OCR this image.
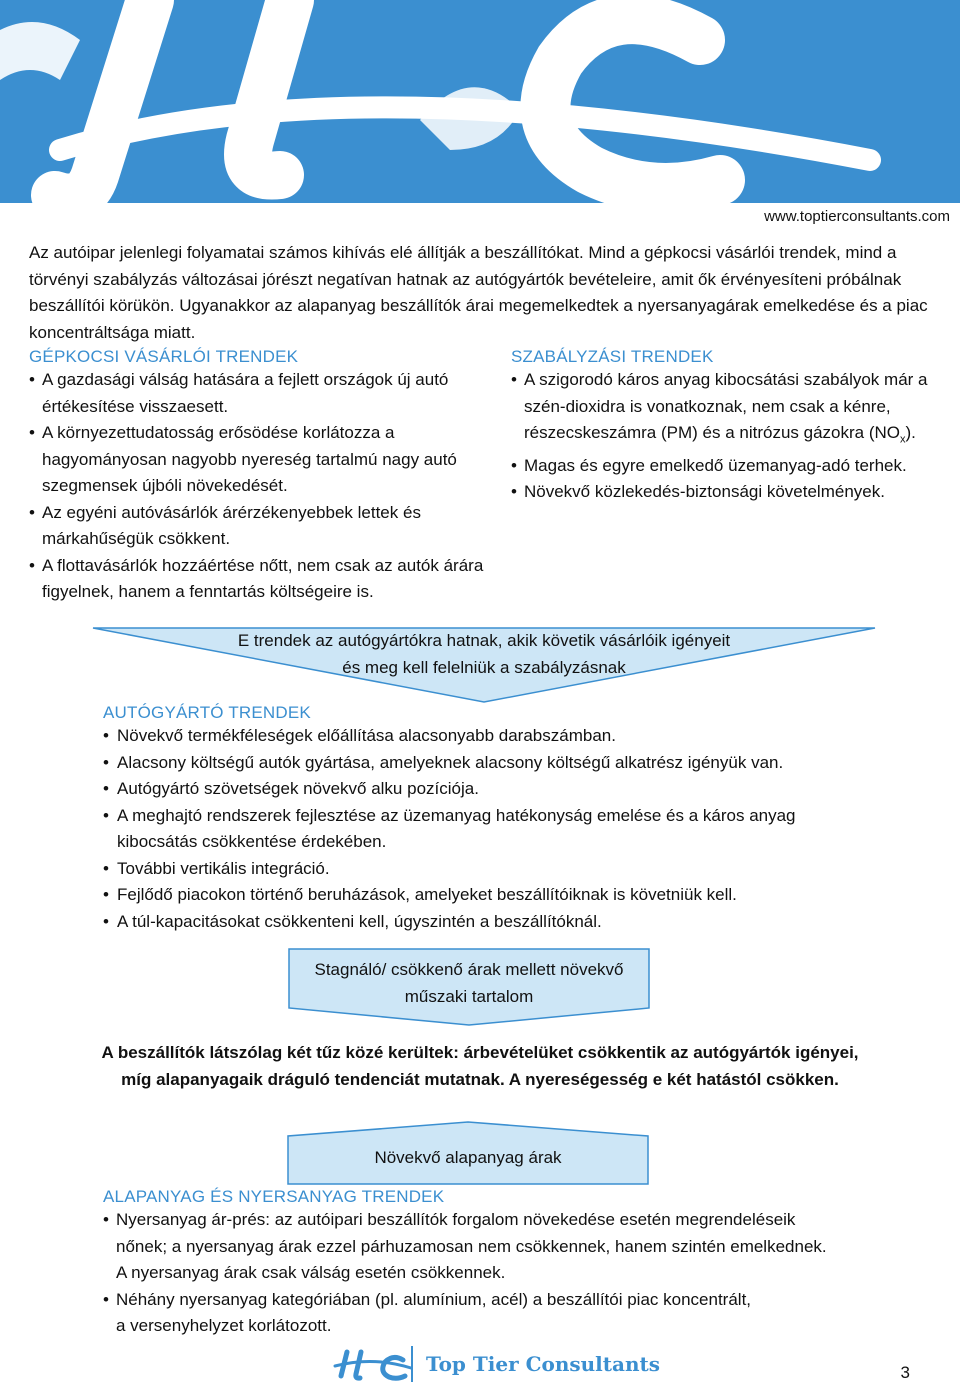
www.toptierconsultants.com
Az autóipar jelenlegi folyamatai számos kihívás elé állítják a beszállítókat. Mind a gépkocsi vásárlói trendek, mind a törvényi szabályzás változásai jórészt negatívan hatnak az autógyártók bevételeire, amit ők érvényesíteni próbálnak beszállítói körükön. Ugyanakkor az alapanyag beszállítók árai megemelkedtek a nyersanyagárak emelkedése és a piac koncentráltsága miatt.
GÉPKOCSI VÁSÁRLÓI TRENDEK
• A gazdasági válság hatására a fejlett országok új autó értékesítése visszaesett.
• A környezettudatosság erősödése korlátozza a hagyományosan nagyobb nyereség tartalmú nagy autó szegmensek újbóli növekedését.
• Az egyéni autóvásárlók árérzékenyebbek lettek és márkahűségük csökkent.
• A flottavásárlók hozzáértése nőtt, nem csak az autók árára figyelnek, hanem a fenntartás költségeire is.
SZABÁLYZÁSI TRENDEK
• A szigorodó káros anyag kibocsátási szabályok már a szén-dioxidra is vonatkoznak, nem csak a kénre, részecskeszámra (PM) és a nitrózus gázokra $(NO_x)$.
• Magas és egyre emelkedő üzemanyag-adó terhek.
• Növekvő közlekedés-biztonsági követelmények.
E trendek az autógyártókra hatnak, akik követik vásárlóik igényeit
és meg kell felelniük a szabályzásnak
AUTÓGYÁRTÓ TRENDEK
• Növekvő termékféleségek előállítása alacsonyabb darabszámban.
• Alacsony költségű autók gyártása, amelyeknek alacsony költségű alkatrész igényük van.
• Autógyártó szövetségek növekvő alku pozíciója.
• A meghajtó rendszerek fejlesztése az üzemanyag hatékonyság emelése és a káros anyag kibocsátás csökkentése érdekében.
• További vertikális integráció.
• Fejlődő piacokon történő beruházások, amelyeket beszállítóiknak is követniük kell.
• A túl-kapacitásokat csökkenteni kell, úgyszintén a beszállítóknál.
Stagnáló/ csökkenő árak mellett növekvő
műszaki tartalom
A beszállítók látszólag két tűz közé kerültek: árbevételüket csökkentik az autógyártók igényei,
míg alapanyagaik dráguló tendenciát mutatnak. A nyereségesség e két hatástól csökken.
Növekvő alapanyag árak
ALAPANYAG ÉS NYERSANYAG TRENDEK
• Nyersanyag ár-prés: az autóipari beszállítók forgalom növekedése esetén megrendeléseik nőnek; a nyersanyag árak ezzel párhuzamosan nem csökkennek, hanem szintén emelkednek. A nyersanyag árak csak válság esetén csökkennek.
• Néhány nyersanyag kategóriában (pl. alumínium, acél) a beszállítói piac koncentrált, a versenyhelyzet korlátozott.
Top Tier Consultants	3
